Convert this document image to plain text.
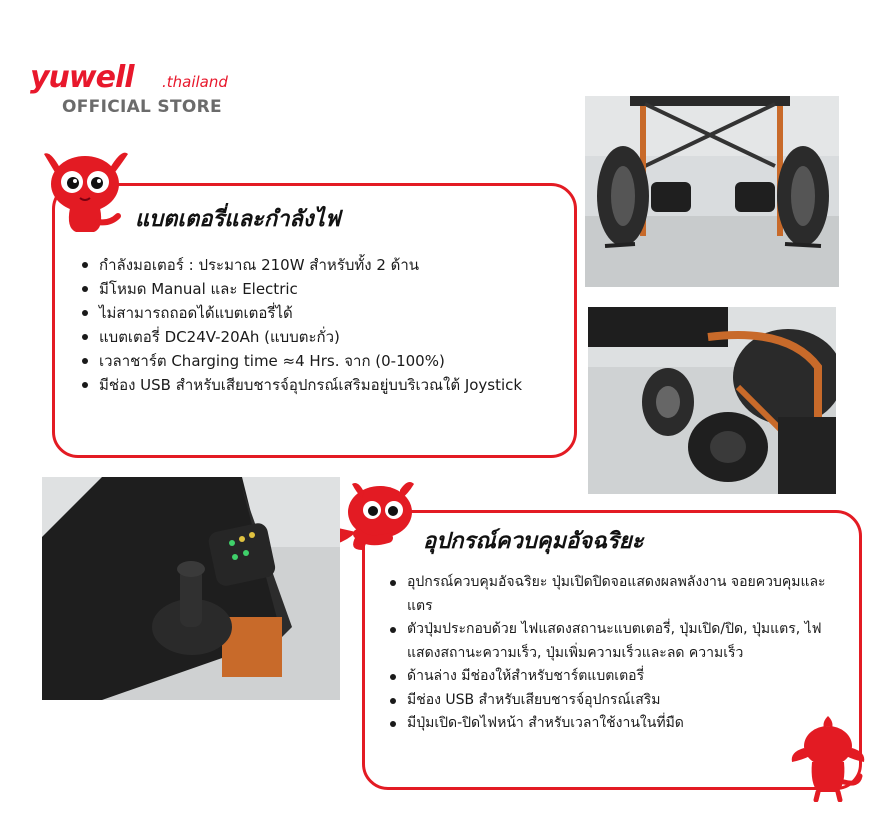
yuwell .thailand
OFFICIAL STORE
แบตเตอรี่และกำลังไฟ
กำลังมอเตอร์ : ประมาณ 210W สำหรับทั้ง 2 ด้าน
มีโหมด Manual และ Electric
ไม่สามารถถอดได้แบตเตอรี่ได้
แบตเตอรี่ DC24V-20Ah (แบบตะกั่ว)
เวลาชาร์ต Charging time ≈4 Hrs. จาก (0-100%)
มีช่อง USB สำหรับเสียบชารจ์อุปกรณ์เสริมอยู่บบริเวณใต้ Joystick
อุปกรณ์ควบคุมอัจฉริยะ
อุปกรณ์ควบคุมอัจฉริยะ ปุ่มเปิดปิดจอแสดงผลพลังงาน จอยควบคุมและแตร
ตัวปุ่มประกอบด้วย ไฟแสดงสถานะแบตเตอรี่, ปุ่มเปิด/ปิด, ปุ่มแตร, ไฟแสดงสถานะความเร็ว, ปุ่มเพิ่มความเร็วและลด ความเร็ว
ด้านล่าง มีช่องให้สำหรับชาร์ตแบตเตอรี่
มีช่อง USB สำหรับเสียบชารจ์อุปกรณ์เสริม
มีปุ่มเปิด-ปิดไฟหน้า สำหรับเวลาใช้งานในที่มืด
